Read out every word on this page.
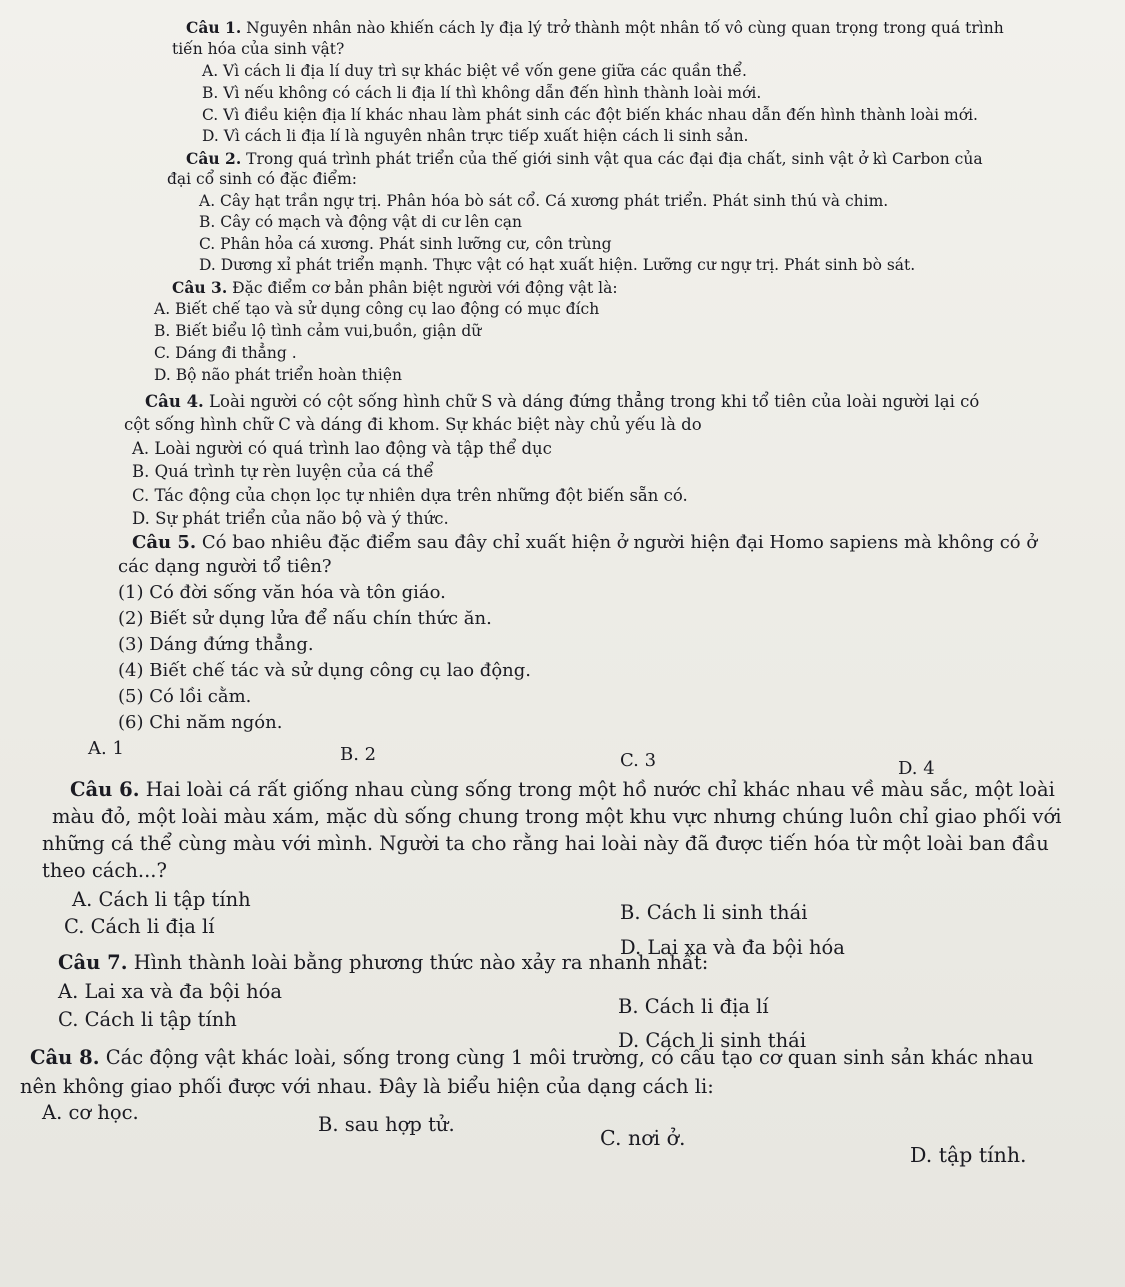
Câu 1. Nguyên nhân nào khiến cách ly địa lý trở thành một nhân tố vô cùng quan trọng trong quá trình
tiến hóa của sinh vật?
A. Vì cách li địa lí duy trì sự khác biệt về vốn gene giữa các quần thể.
B. Vì nếu không có cách li địa lí thì không dẫn đến hình thành loài mới.
C. Vì điều kiện địa lí khác nhau làm phát sinh các đột biến khác nhau dẫn đến hình thành loài mới.
D. Vì cách li địa lí là nguyên nhân trực tiếp xuất hiện cách li sinh sản.
Câu 2. Trong quá trình phát triển của thế giới sinh vật qua các đại địa chất, sinh vật ở kì Carbon của
đại cổ sinh có đặc điểm:
A. Cây hạt trần ngự trị. Phân hóa bò sát cổ. Cá xương phát triển. Phát sinh thú và chim.
B. Cây có mạch và động vật di cư lên cạn
C. Phân hỏa cá xương. Phát sinh lưỡng cư, côn trùng
D. Dương xỉ phát triển mạnh. Thực vật có hạt xuất hiện. Lưỡng cư ngự trị. Phát sinh bò sát.
Câu 3. Đặc điểm cơ bản phân biệt người với động vật là:
A. Biết chế tạo và sử dụng công cụ lao động có mục đích
B. Biết biểu lộ tình cảm vui,buồn, giận dữ
C. Dáng đi thẳng .
D. Bộ não phát triển hoàn thiện
Câu 4. Loài người có cột sống hình chữ S và dáng đứng thẳng trong khi tổ tiên của loài người lại có
cột sống hình chữ C và dáng đi khom. Sự khác biệt này chủ yếu là do
A. Loài người có quá trình lao động và tập thể dục
B. Quá trình tự rèn luyện của cá thể
C. Tác động của chọn lọc tự nhiên dựa trên những đột biến sẵn có.
D. Sự phát triển của não bộ và ý thức.
Câu 5. Có bao nhiêu đặc điểm sau đây chỉ xuất hiện ở người hiện đại Homo sapiens mà không có ở
các dạng người tổ tiên?
(1) Có đời sống văn hóa và tôn giáo.
(2) Biết sử dụng lửa để nấu chín thức ăn.
(3) Dáng đứng thẳng.
(4) Biết chế tác và sử dụng công cụ lao động.
(5) Có lồi cằm.
(6) Chi năm ngón.
A. 1	B. 2	C. 3	D. 4
Câu 6. Hai loài cá rất giống nhau cùng sống trong một hồ nước chỉ khác nhau về màu sắc, một loài
màu đỏ, một loài màu xám, mặc dù sống chung trong một khu vực nhưng chúng luôn chỉ giao phối với
những cá thể cùng màu với mình. Người ta cho rằng hai loài này đã được tiến hóa từ một loài ban đầu
theo cách...?
A. Cách li tập tính
B. Cách li sinh thái
C. Cách li địa lí
D. Lai xa và đa bội hóa
Câu 7. Hình thành loài bằng phương thức nào xảy ra nhanh nhất:
A. Lai xa và đa bội hóa
B. Cách li địa lí
C. Cách li tập tính
D. Cách li sinh thái
Câu 8. Các động vật khác loài, sống trong cùng 1 môi trường, có cấu tạo cơ quan sinh sản khác nhau
nên không giao phối được với nhau. Đây là biểu hiện của dạng cách li:
A. cơ học.
B. sau hợp tử.
C. nơi ở.
D. tập tính.
